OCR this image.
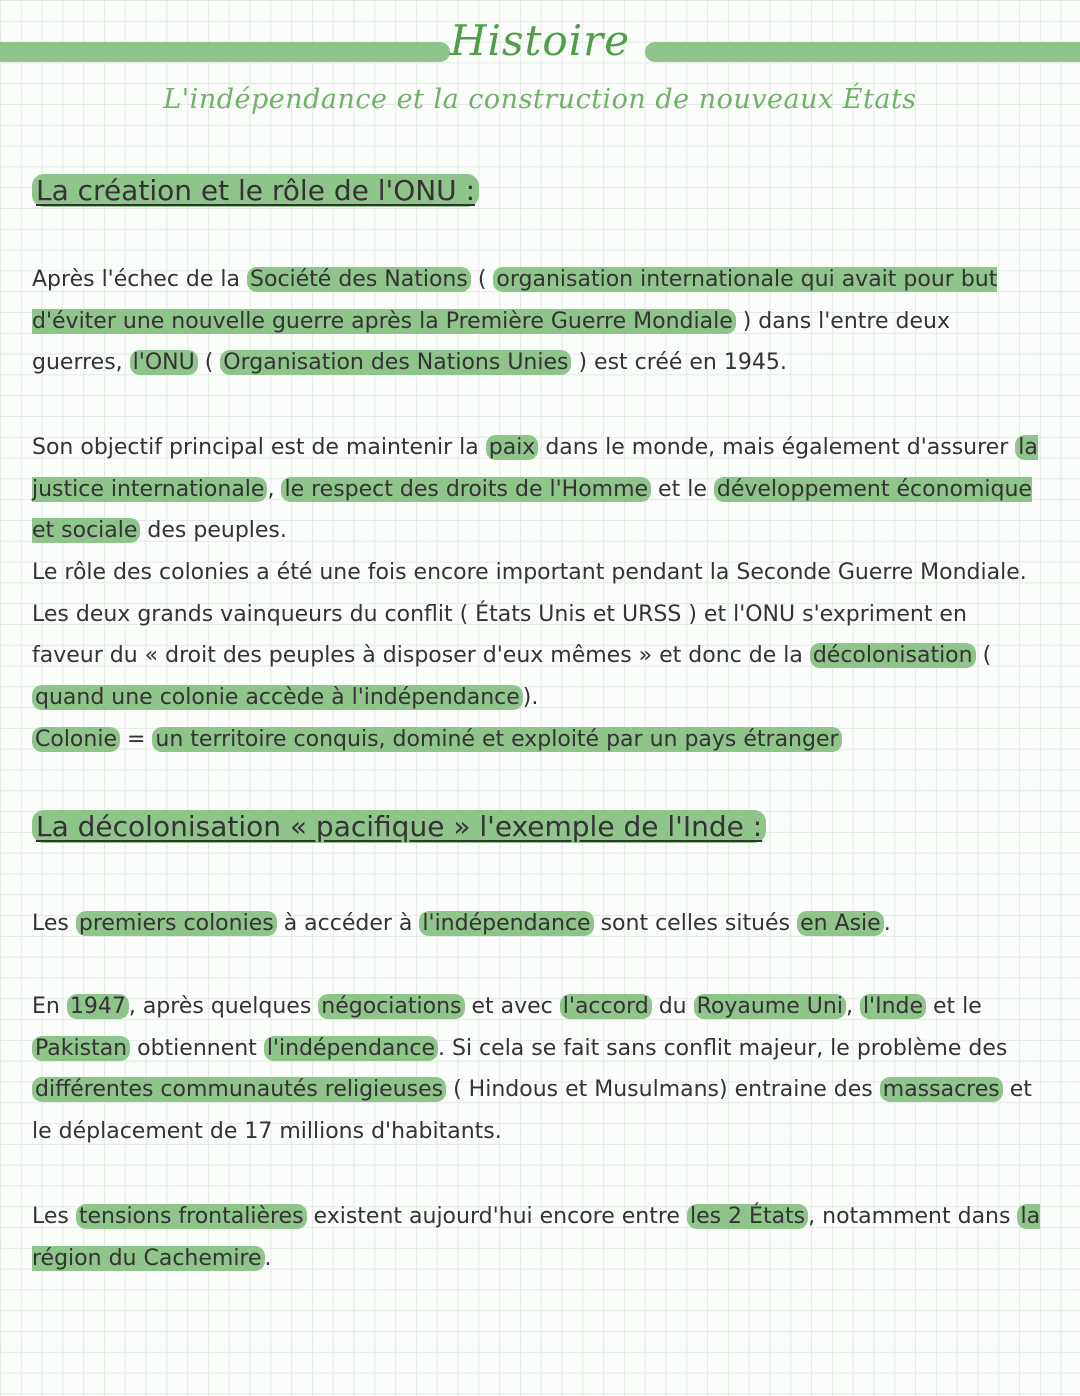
Histoire
L'indépendance et la construction de nouveaux États
La création et le rôle de l'ONU :
Après l'échec de la Société des Nations ( organisation internationale qui avait pour but d'éviter une nouvelle guerre après la Première Guerre Mondiale ) dans l'entre deux guerres, l'ONU ( Organisation des Nations Unies ) est créé en 1945.
Son objectif principal est de maintenir la paix dans le monde, mais également d'assurer la justice internationale , le respect des droits de l'Homme et le développement économique et sociale des peuples.
Le rôle des colonies a été une fois encore important pendant la Seconde Guerre Mondiale. Les deux grands vainqueurs du conflit ( États Unis et URSS ) et l'ONU s'expriment en faveur du « droit des peuples à disposer d'eux mêmes » et donc de la décolonisation ( quand une colonie accède à l'indépendance ).
Colonie = un territoire conquis, dominé et exploité par un pays étranger
La décolonisation « pacifique » l'exemple de l'Inde :
Les premiers colonies à accéder à l'indépendance sont celles situés en Asie .
En 1947 , après quelques négociations et avec l'accord du Royaume Uni , l'Inde et le Pakistan obtiennent l'indépendance . Si cela se fait sans conflit majeur, le problème des différentes communautés religieuses ( Hindous et Musulmans) entraine des massacres et le déplacement de 17 millions d'habitants.
Les tensions frontalières existent aujourd'hui encore entre les 2 États , notamment dans la région du Cachemire .
